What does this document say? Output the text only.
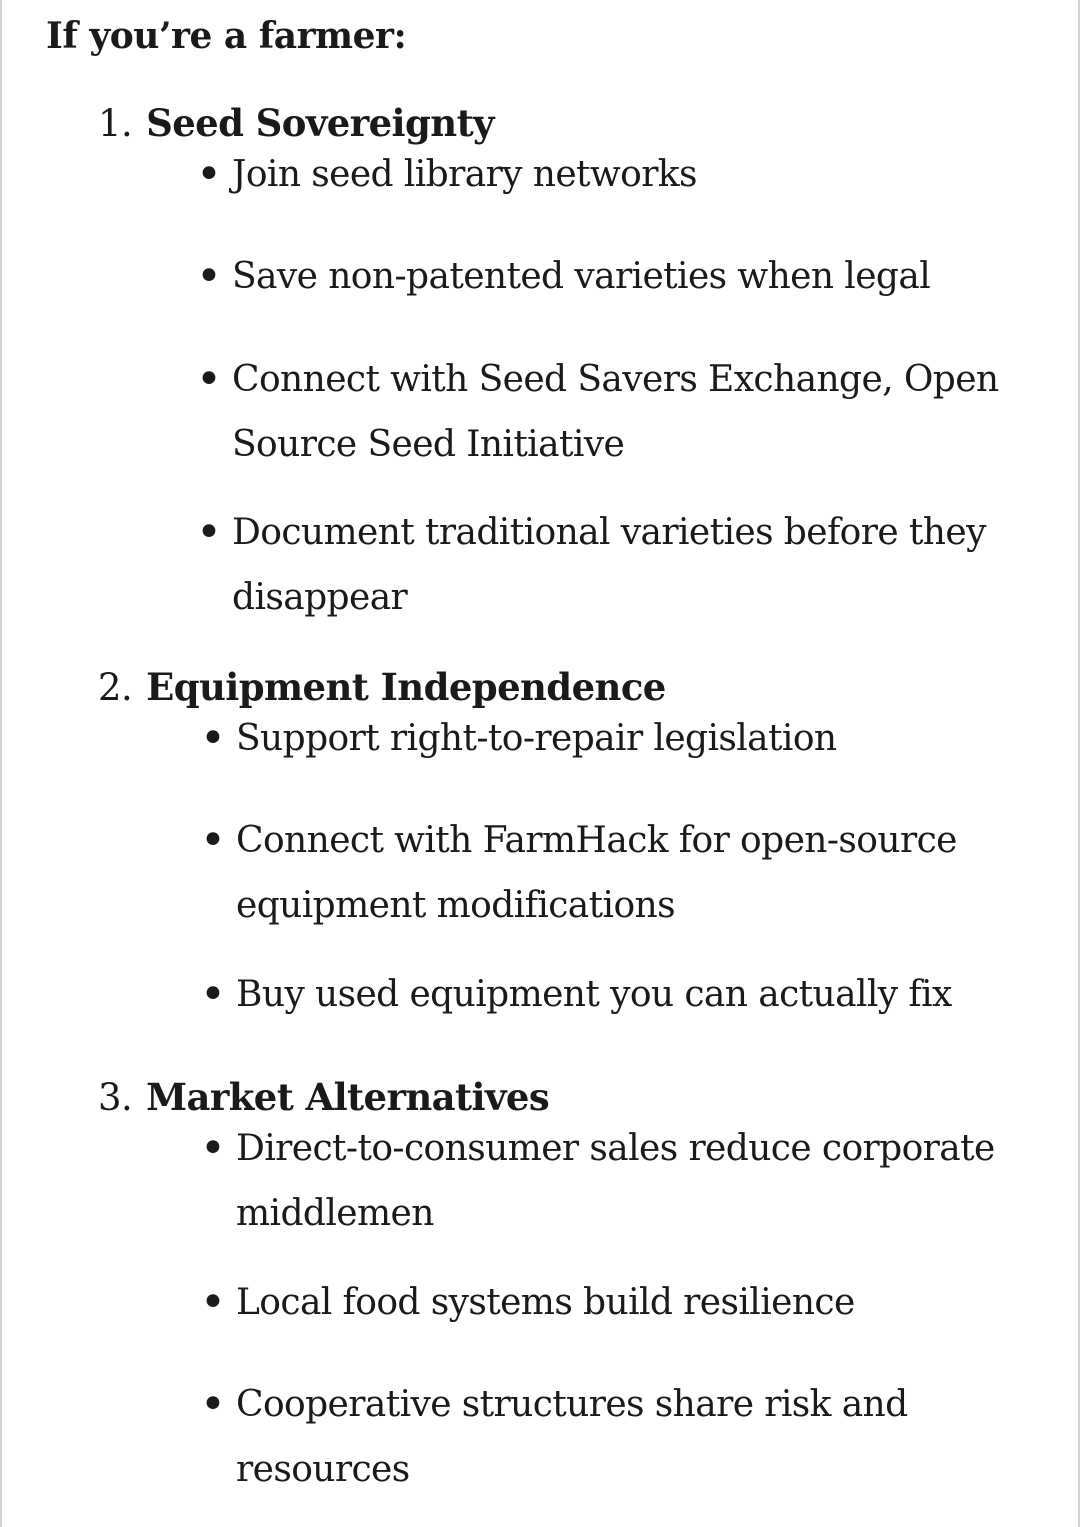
If you’re a farmer:
1. Seed Sovereignty
• Join seed library networks
• Save non-patented varieties when legal
• Connect with Seed Savers Exchange, Open Source Seed Initiative
• Document traditional varieties before they disappear
2. Equipment Independence
• Support right-to-repair legislation
• Connect with FarmHack for open-source equipment modifications
• Buy used equipment you can actually fix
3. Market Alternatives
• Direct-to-consumer sales reduce corporate middlemen
• Local food systems build resilience
• Cooperative structures share risk and resources
